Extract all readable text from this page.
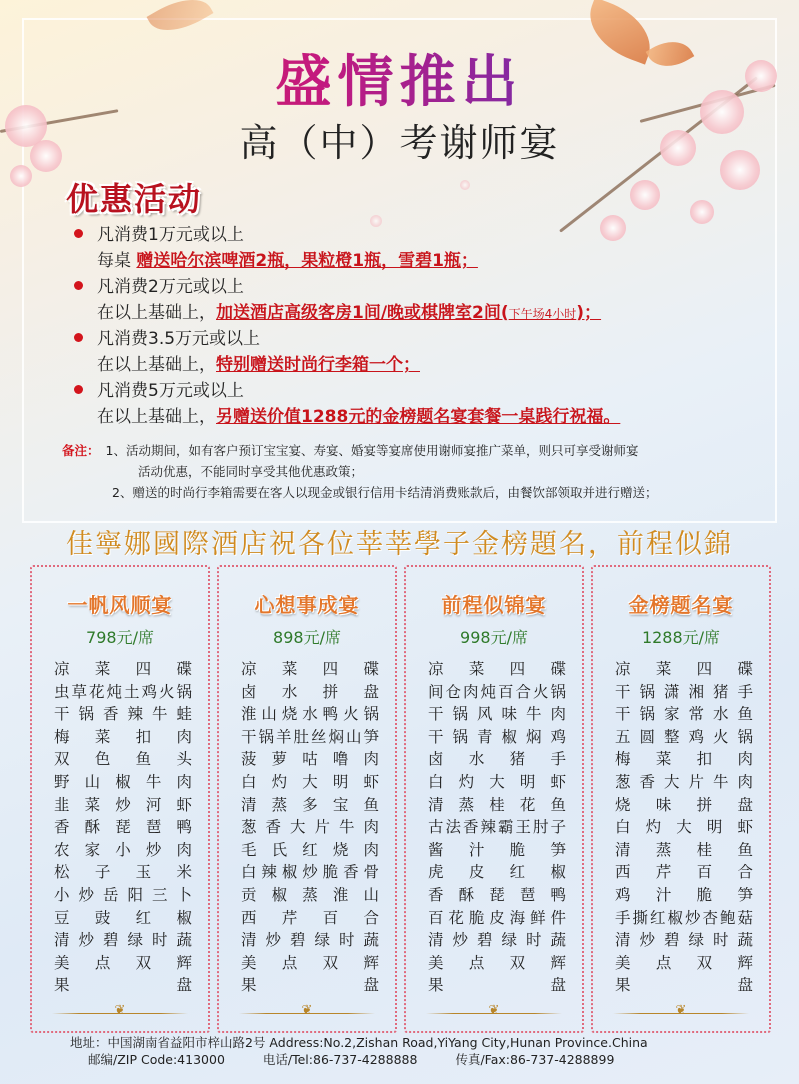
盛情推出
高（中）考谢师宴
优惠活动
凡消费1万元或以上
每桌 赠送哈尔滨啤酒2瓶，果粒橙1瓶，雪碧1瓶；
凡消费2万元或以上
在以上基础上，加送酒店高级客房1间/晚或棋牌室2间(下午场4小时)；
凡消费3.5万元或以上
在以上基础上，特别赠送时尚行李箱一个；
凡消费5万元或以上
在以上基础上，另赠送价值1288元的金榜题名宴套餐一桌践行祝福。
备注： 1、活动期间，如有客户预订宝宝宴、寿宴、婚宴等宴席使用谢师宴推广菜单，则只可享受谢师宴
活动优惠，不能同时享受其他优惠政策；
2、赠送的时尚行李箱需要在客人以现金或银行信用卡结清消费账款后，由餐饮部领取并进行赠送；
佳寧娜國際酒店祝各位莘莘學子金榜題名，前程似錦
一帆风顺宴
798元/席
凉菜四碟
虫草花炖土鸡火锅
干锅香辣牛蛙
梅菜扣肉
双色鱼头
野山椒牛肉
韭菜炒河虾
香酥琵琶鸭
农家小炒肉
松子玉米
小炒岳阳三卜
豆豉红椒
清炒碧绿时蔬
美点双辉
果盘
❦
心想事成宴
898元/席
凉菜四碟
卤水拼盘
淮山烧水鸭火锅
干锅羊肚丝焖山笋
菠萝咕噜肉
白灼大明虾
清蒸多宝鱼
葱香大片牛肉
毛氏红烧肉
白辣椒炒脆香骨
贡椒蒸淮山
西芹百合
清炒碧绿时蔬
美点双辉
果盘
❦
前程似锦宴
998元/席
凉菜四碟
间仓肉炖百合火锅
干锅风味牛肉
干锅青椒焖鸡
卤水猪手
白灼大明虾
清蒸桂花鱼
古法香辣霸王肘子
酱汁脆笋
虎皮红椒
香酥琵琶鸭
百花脆皮海鲜件
清炒碧绿时蔬
美点双辉
果盘
❦
金榜题名宴
1288元/席
凉菜四碟
干锅潇湘猪手
干锅家常水鱼
五圆整鸡火锅
梅菜扣肉
葱香大片牛肉
烧味拼盘
白灼大明虾
清蒸桂鱼
西芹百合
鸡汁脆笋
手撕红椒炒杏鲍菇
清炒碧绿时蔬
美点双辉
果盘
❦
地址：中国湖南省益阳市梓山路2号 Address:No.2,Zishan Road,YiYang City,Hunan Province.China
邮编/ZIP Code:413000	电话/Tel:86-737-4288888	传真/Fax:86-737-4288899
